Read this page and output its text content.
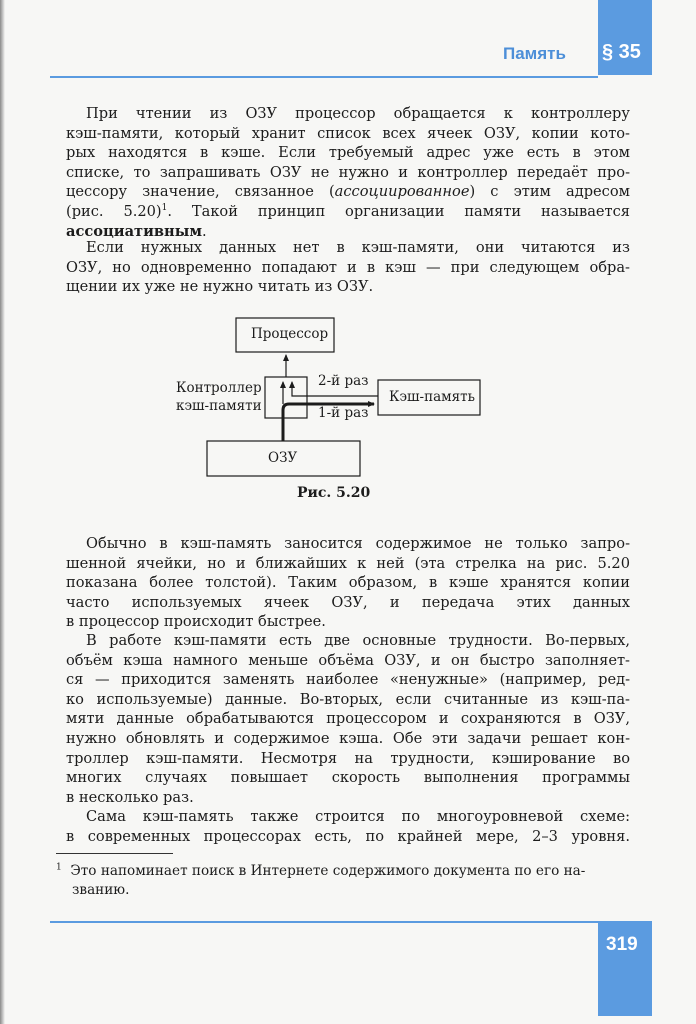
Память § 35
При чтении из ОЗУ процессор обращается к контроллеру
кэш-памяти, который хранит список всех ячеек ОЗУ, копии кото-
рых находятся в кэше. Если требуемый адрес уже есть в этом
списке, то запрашивать ОЗУ не нужно и контроллер передаёт про-
цессору значение, связанное (ассоциированное) с этим адресом
(рис. 5.20)$^1$. Такой принцип организации памяти называется
ассоциативным.
Если нужных данных нет в кэш-памяти, они читаются из
ОЗУ, но одновременно попадают и в кэш — при следующем обра-
щении их уже не нужно читать из ОЗУ.
Обычно в кэш-память заносится содержимое не только запро-
шенной ячейки, но и ближайших к ней (эта стрелка на рис. 5.20
показана более толстой). Таким образом, в кэше хранятся копии
часто используемых ячеек ОЗУ, и передача этих данных
в процессор происходит быстрее.
В работе кэш-памяти есть две основные трудности. Во-первых,
объём кэша намного меньше объёма ОЗУ, и он быстро заполняет-
ся — приходится заменять наиболее «ненужные» (например, ред-
ко используемые) данные. Во-вторых, если считанные из кэш-па-
мяти данные обрабатываются процессором и сохраняются в ОЗУ,
нужно обновлять и содержимое кэша. Обе эти задачи решает кон-
троллер кэш-памяти. Несмотря на трудности, кэширование во
многих случаях повышает скорость выполнения программы
в несколько раз.
Сама кэш-память также строится по многоуровневой схеме:
в современных процессорах есть, по крайней мере, 2–3 уровня.
Процессор
Контроллер
кэш-памяти
Кэш-память
ОЗУ
2-й раз
1-й раз
Рис. 5.20
$^1$ Это напоминает поиск в Интернете содержимого документа по его на-
званию.
319
